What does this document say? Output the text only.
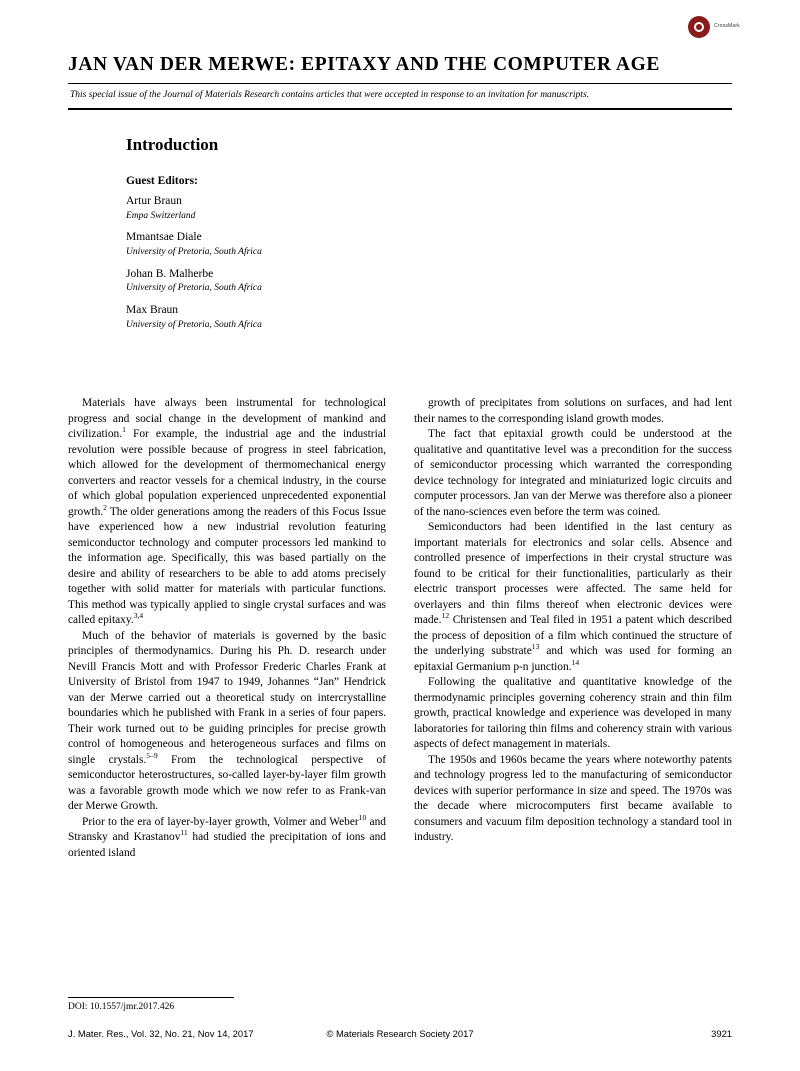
CrossMark
JAN VAN DER MERWE: EPITAXY AND THE COMPUTER AGE
This special issue of the Journal of Materials Research contains articles that were accepted in response to an invitation for manuscripts.
Introduction
Guest Editors:
Artur Braun
Empa Switzerland
Mmantsae Diale
University of Pretoria, South Africa
Johan B. Malherbe
University of Pretoria, South Africa
Max Braun
University of Pretoria, South Africa

Materials have always been instrumental for technological progress and social change in the development of mankind and civilization.$^1$ For example, the industrial age and the industrial revolution were possible because of progress in steel fabrication, which allowed for the development of thermomechanical energy converters and reactor vessels for a chemical industry, in the course of which global population experienced unprecedented exponential growth.$^2$ The older generations among the readers of this Focus Issue have experienced how a new industrial revolution featuring semiconductor technology and computer processors led mankind to the information age. Specifically, this was based partially on the desire and ability of researchers to be able to add atoms precisely together with solid matter for materials with particular functions. This method was typically applied to single crystal surfaces and was called epitaxy.$^{3,4}$

Much of the behavior of materials is governed by the basic principles of thermodynamics. During his Ph. D. research under Nevill Francis Mott and with Professor Frederic Charles Frank at University of Bristol from 1947 to 1949, Johannes “Jan” Hendrick van der Merwe carried out a theoretical study on intercrystalline boundaries which he published with Frank in a series of four papers. Their work turned out to be guiding principles for precise growth control of homogeneous and heterogeneous surfaces and films on single crystals.$^{5-9}$ From the technological perspective of semiconductor heterostructures, so-called layer-by-layer film growth was a favorable growth mode which we now refer to as Frank-van der Merwe Growth.

Prior to the era of layer-by-layer growth, Volmer and Weber$^{10}$ and Stransky and Krastanov$^{11}$ had studied the precipitation of ions and oriented island

growth of precipitates from solutions on surfaces, and had lent their names to the corresponding island growth modes.

The fact that epitaxial growth could be understood at the qualitative and quantitative level was a precondition for the success of semiconductor processing which warranted the corresponding device technology for integrated and miniaturized logic circuits and computer processors. Jan van der Merwe was therefore also a pioneer of the nano-sciences even before the term was coined.

Semiconductors had been identified in the last century as important materials for electronics and solar cells. Absence and controlled presence of imperfections in their crystal structure was found to be critical for their functionalities, particularly as their electric transport processes were affected. The same held for overlayers and thin films thereof when electronic devices were made.$^{12}$ Christensen and Teal filed in 1951 a patent which described the process of deposition of a film which continued the structure of the underlying substrate$^{13}$ and which was used for forming an epitaxial Germanium p-n junction.$^{14}$

Following the qualitative and quantitative knowledge of the thermodynamic principles governing coherency strain and thin film growth, practical knowledge and experience was developed in many laboratories for tailoring thin films and coherency strain with various aspects of defect management in materials.

The 1950s and 1960s became the years where noteworthy patents and technology progress led to the manufacturing of semiconductor devices with superior performance in size and speed. The 1970s was the decade where microcomputers first became available to consumers and vacuum film deposition technology a standard tool in industry.

DOI: 10.1557/jmr.2017.426
J. Mater. Res., Vol. 32, No. 21, Nov 14, 2017	© Materials Research Society 2017	3921
